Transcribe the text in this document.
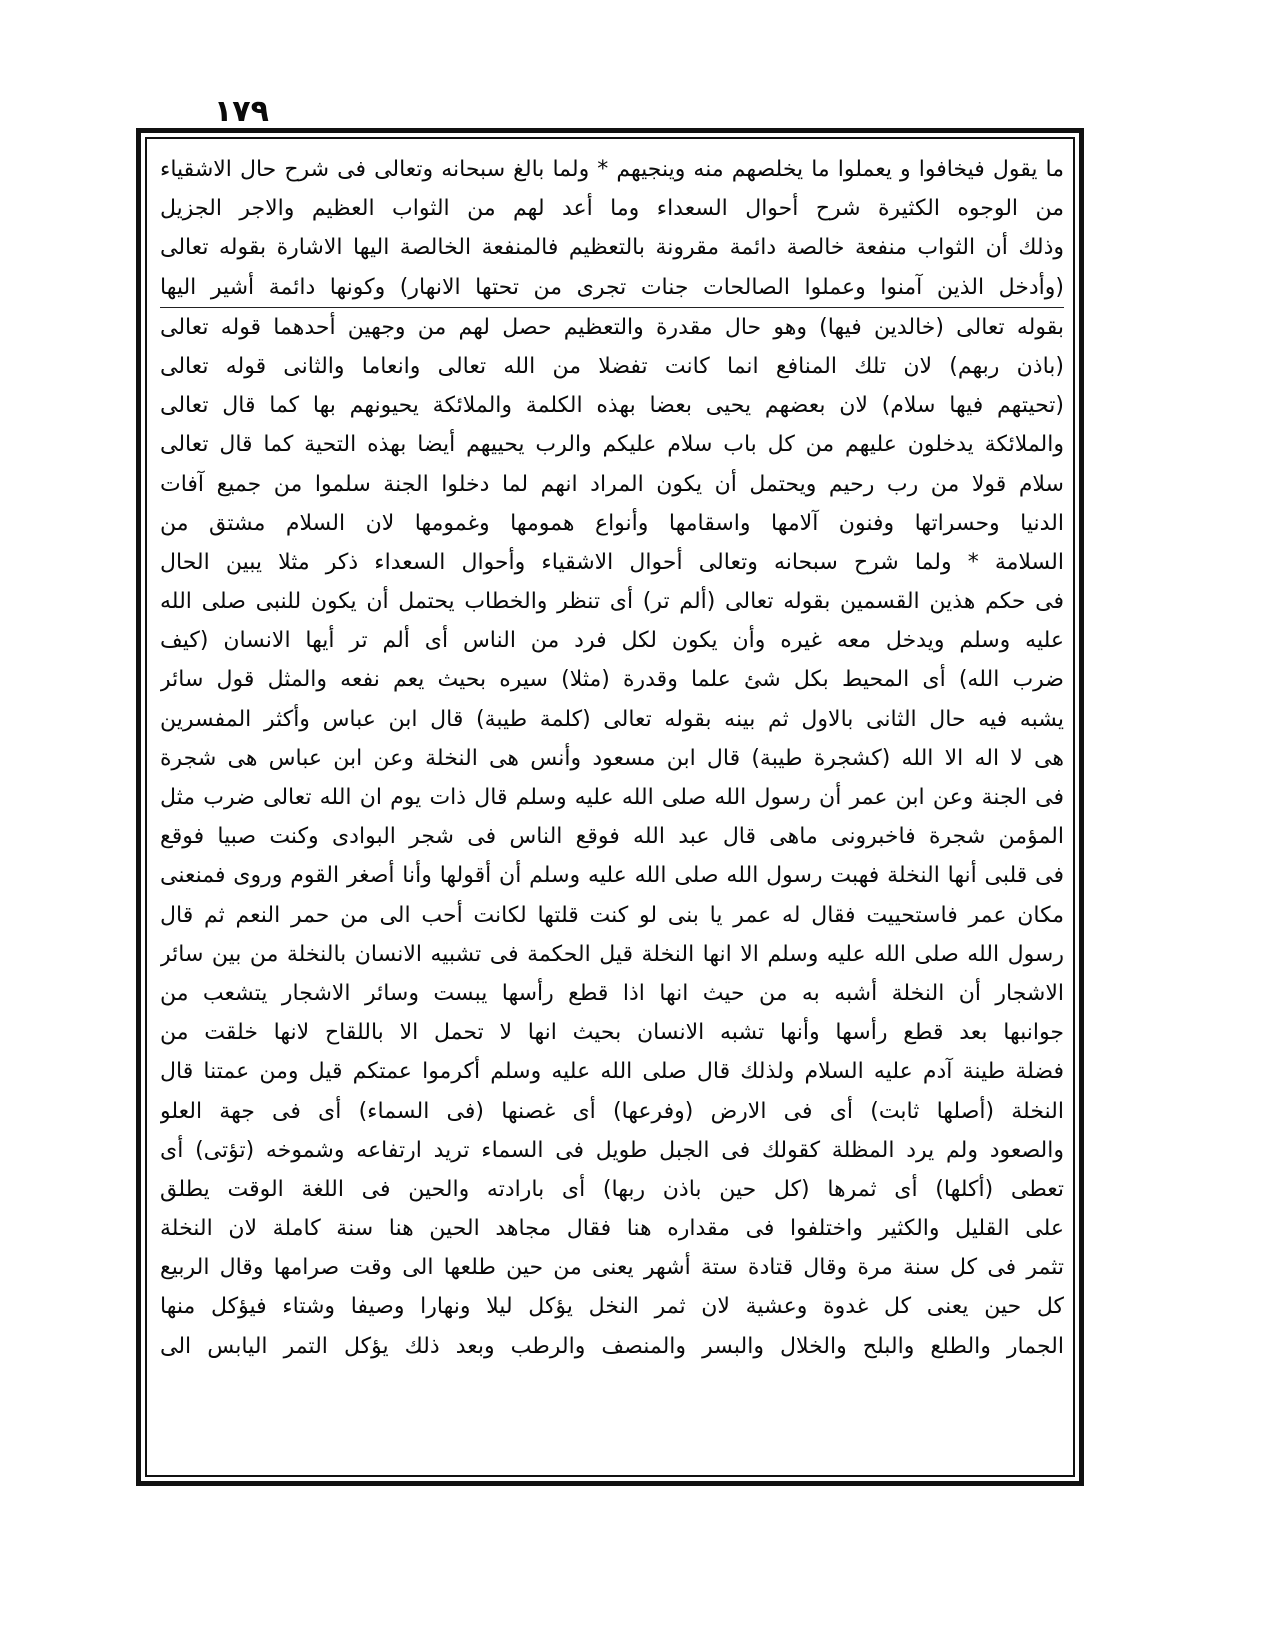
١٧٩
ما يقول فيخافوا و يعملوا ما يخلصهم منه وينجيهم * ولما بالغ سبحانه وتعالى فى شرح حال الاشقياء
من الوجوه الكثيرة شرح أحوال السعداء وما أعد لهم من الثواب العظيم والاجر الجزيل
وذلك أن الثواب منفعة خالصة دائمة مقرونة بالتعظيم فالمنفعة الخالصة اليها الاشارة بقوله تعالى
(وأدخل الذين آمنوا وعملوا الصالحات جنات تجرى من تحتها الانهار) وكونها دائمة أشير اليها
بقوله تعالى (خالدين فيها) وهو حال مقدرة والتعظيم حصل لهم من وجهين أحدهما قوله تعالى
(باذن ربهم) لان تلك المنافع انما كانت تفضلا من الله تعالى وانعاما والثانى قوله تعالى
(تحيتهم فيها سلام) لان بعضهم يحيى بعضا بهذه الكلمة والملائكة يحيونهم بها كما قال تعالى
والملائكة يدخلون عليهم من كل باب سلام عليكم والرب يحييهم أيضا بهذه التحية كما قال تعالى
سلام قولا من رب رحيم ويحتمل أن يكون المراد انهم لما دخلوا الجنة سلموا من جميع آفات
الدنيا وحسراتها وفنون آلامها واسقامها وأنواع همومها وغمومها لان السلام مشتق من
السلامة * ولما شرح سبحانه وتعالى أحوال الاشقياء وأحوال السعداء ذكر مثلا يبين الحال
فى حكم هذين القسمين بقوله تعالى (ألم تر) أى تنظر والخطاب يحتمل أن يكون للنبى صلى الله
عليه وسلم ويدخل معه غيره وأن يكون لكل فرد من الناس أى ألم تر أيها الانسان (كيف
ضرب الله) أى المحيط بكل شئ علما وقدرة (مثلا) سيره بحيث يعم نفعه والمثل قول سائر
يشبه فيه حال الثانى بالاول ثم بينه بقوله تعالى (كلمة طيبة) قال ابن عباس وأكثر المفسرين
هى لا اله الا الله (كشجرة طيبة) قال ابن مسعود وأنس هى النخلة وعن ابن عباس هى شجرة
فى الجنة وعن ابن عمر أن رسول الله صلى الله عليه وسلم قال ذات يوم ان الله تعالى ضرب مثل
المؤمن شجرة فاخبرونى ماهى قال عبد الله فوقع الناس فى شجر البوادى وكنت صبيا فوقع
فى قلبى أنها النخلة فهبت رسول الله صلى الله عليه وسلم أن أقولها وأنا أصغر القوم وروى فمنعنى
مكان عمر فاستحييت فقال له عمر يا بنى لو كنت قلتها لكانت أحب الى من حمر النعم ثم قال
رسول الله صلى الله عليه وسلم الا انها النخلة قيل الحكمة فى تشبيه الانسان بالنخلة من بين سائر
الاشجار أن النخلة أشبه به من حيث انها اذا قطع رأسها يبست وسائر الاشجار يتشعب من
جوانبها بعد قطع رأسها وأنها تشبه الانسان بحيث انها لا تحمل الا باللقاح لانها خلقت من
فضلة طينة آدم عليه السلام ولذلك قال صلى الله عليه وسلم أكرموا عمتكم قيل ومن عمتنا قال
النخلة (أصلها ثابت) أى فى الارض (وفرعها) أى غصنها (فى السماء) أى فى جهة العلو
والصعود ولم يرد المظلة كقولك فى الجبل طويل فى السماء تريد ارتفاعه وشموخه (تؤتى) أى
تعطى (أكلها) أى ثمرها (كل حين باذن ربها) أى بارادته والحين فى اللغة الوقت يطلق
على القليل والكثير واختلفوا فى مقداره هنا فقال مجاهد الحين هنا سنة كاملة لان النخلة
تثمر فى كل سنة مرة وقال قتادة ستة أشهر يعنى من حين طلعها الى وقت صرامها وقال الربيع
كل حين يعنى كل غدوة وعشية لان ثمر النخل يؤكل ليلا ونهارا وصيفا وشتاء فيؤكل منها
الجمار والطلع والبلح والخلال والبسر والمنصف والرطب وبعد ذلك يؤكل التمر اليابس الى
